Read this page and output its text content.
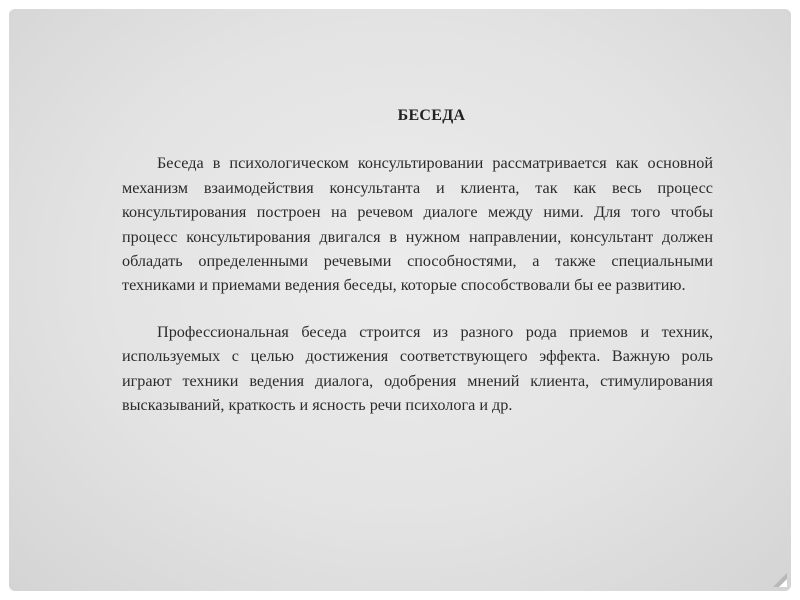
БЕСЕДА

Беседа в психологическом консультировании рассматривается как основной механизм взаимодействия консультанта и клиента, так как весь процесс консультирования построен на речевом диалоге между ними. Для того чтобы процесс консультирования двигался в нужном направлении, консультант должен обладать определенными речевыми способностями, а также специальными техниками и приемами ведения беседы, которые способствовали бы ее развитию.

Профессиональная беседа строится из разного рода приемов и техник, используемых с целью достижения соответствующего эффекта. Важную роль играют техники ведения диалога, одобрения мнений клиента, стимулирования высказываний, краткость и ясность речи психолога и др.
